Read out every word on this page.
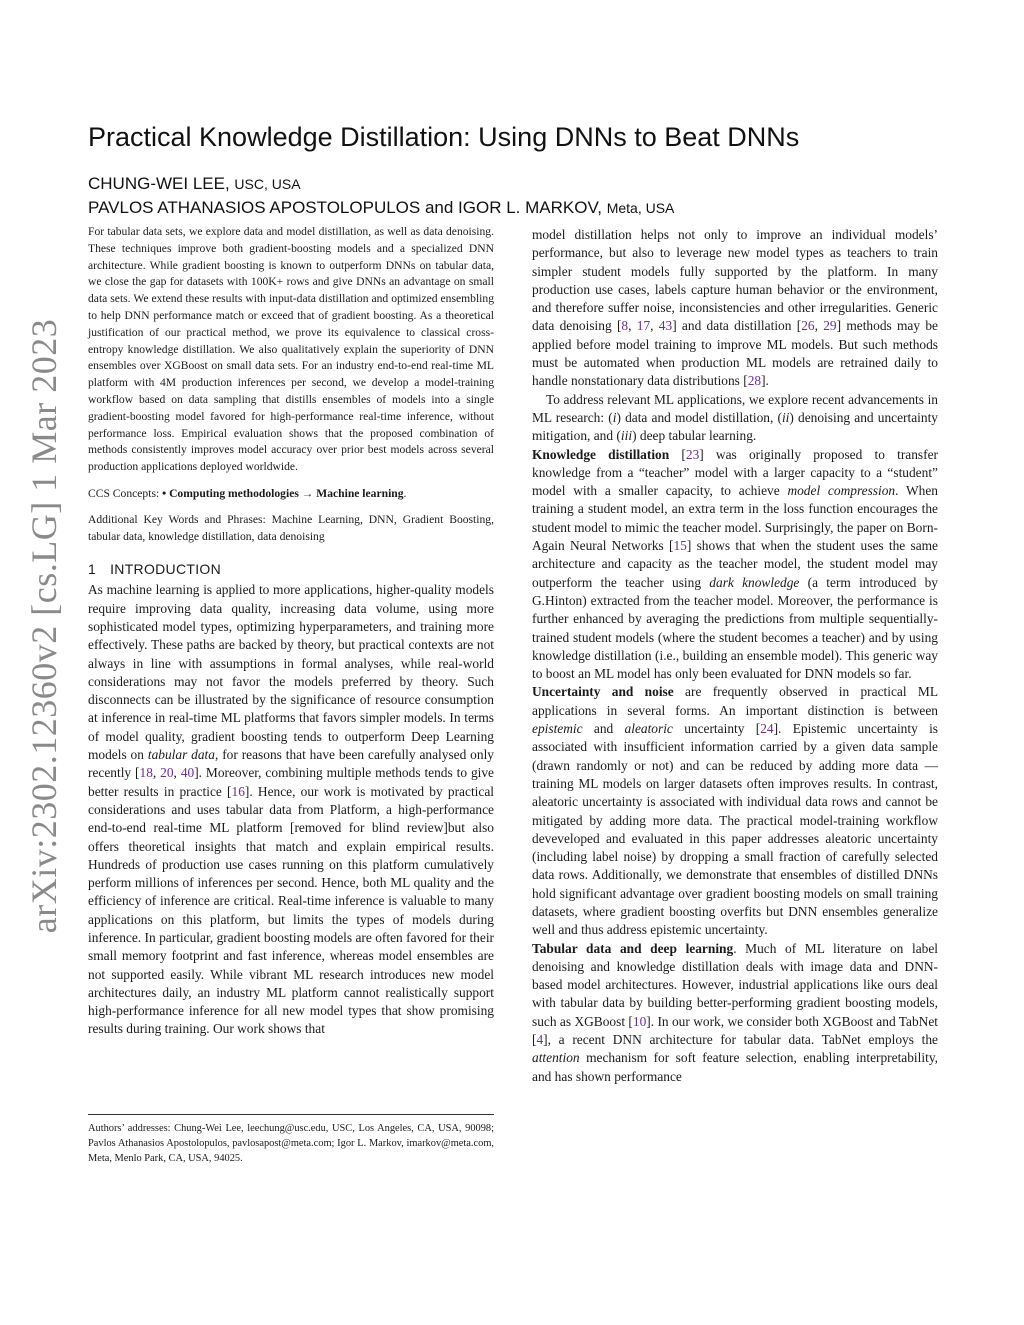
arXiv:2302.12360v2 [cs.LG] 1 Mar 2023
Practical Knowledge Distillation: Using DNNs to Beat DNNs
CHUNG-WEI LEE, USC, USA
PAVLOS ATHANASIOS APOSTOLOPULOS and IGOR L. MARKOV, Meta, USA

For tabular data sets, we explore data and model distillation, as well as data denoising. These techniques improve both gradient-boosting models and a specialized DNN architecture. While gradient boosting is known to outperform DNNs on tabular data, we close the gap for datasets with 100K+ rows and give DNNs an advantage on small data sets. We extend these results with input-data distillation and optimized ensembling to help DNN performance match or exceed that of gradient boosting. As a theoretical justification of our practical method, we prove its equivalence to classical cross-entropy knowledge distillation. We also qualitatively explain the superiority of DNN ensembles over XGBoost on small data sets. For an industry end-to-end real-time ML platform with 4M production inferences per second, we develop a model-training workflow based on data sampling that distills ensembles of models into a single gradient-boosting model favored for high-performance real-time inference, without performance loss. Empirical evaluation shows that the proposed combination of methods consistently improves model accuracy over prior best models across several production applications deployed worldwide.

CCS Concepts: • Computing methodologies → Machine learning.

Additional Key Words and Phrases: Machine Learning, DNN, Gradient Boosting, tabular data, knowledge distillation, data denoising

1 INTRODUCTION

As machine learning is applied to more applications, higher-quality models require improving data quality, increasing data volume, using more sophisticated model types, optimizing hyperparameters, and training more effectively. These paths are backed by theory, but practical contexts are not always in line with assumptions in formal analyses, while real-world considerations may not favor the models preferred by theory. Such disconnects can be illustrated by the significance of resource consumption at inference in real-time ML platforms that favors simpler models. In terms of model quality, gradient boosting tends to outperform Deep Learning models on tabular data, for reasons that have been carefully analysed only recently [18, 20, 40]. Moreover, combining multiple methods tends to give better results in practice [16]. Hence, our work is motivated by practical considerations and uses tabular data from Platform, a high-performance end-to-end real-time ML platform [removed for blind review]but also offers theoretical insights that match and explain empirical results. Hundreds of production use cases running on this platform cumulatively perform millions of inferences per second. Hence, both ML quality and the efficiency of inference are critical. Real-time inference is valuable to many applications on this platform, but limits the types of models during inference. In particular, gradient boosting models are often favored for their small memory footprint and fast inference, whereas model ensembles are not supported easily. While vibrant ML research introduces new model architectures daily, an industry ML platform cannot realistically support high-performance inference for all new model types that show promising results during training. Our work shows that

Authors’ addresses: Chung-Wei Lee, leechung@usc.edu, USC, Los Angeles, CA, USA, 90098; Pavlos Athanasios Apostolopulos, pavlosapost@meta.com; Igor L. Markov, imarkov@meta.com, Meta, Menlo Park, CA, USA, 94025.

model distillation helps not only to improve an individual models’ performance, but also to leverage new model types as teachers to train simpler student models fully supported by the platform. In many production use cases, labels capture human behavior or the environment, and therefore suffer noise, inconsistencies and other irregularities. Generic data denoising [8, 17, 43] and data distillation [26, 29] methods may be applied before model training to improve ML models. But such methods must be automated when production ML models are retrained daily to handle nonstationary data distributions [28].

To address relevant ML applications, we explore recent advancements in ML research: (i) data and model distillation, (ii) denoising and uncertainty mitigation, and (iii) deep tabular learning.

Knowledge distillation [23] was originally proposed to transfer knowledge from a “teacher” model with a larger capacity to a “student” model with a smaller capacity, to achieve model compression. When training a student model, an extra term in the loss function encourages the student model to mimic the teacher model. Surprisingly, the paper on Born-Again Neural Networks [15] shows that when the student uses the same architecture and capacity as the teacher model, the student model may outperform the teacher using dark knowledge (a term introduced by G.Hinton) extracted from the teacher model. Moreover, the performance is further enhanced by averaging the predictions from multiple sequentially-trained student models (where the student becomes a teacher) and by using knowledge distillation (i.e., building an ensemble model). This generic way to boost an ML model has only been evaluated for DNN models so far.

Uncertainty and noise are frequently observed in practical ML applications in several forms. An important distinction is between epistemic and aleatoric uncertainty [24]. Epistemic uncertainty is associated with insufficient information carried by a given data sample (drawn randomly or not) and can be reduced by adding more data — training ML models on larger datasets often improves results. In contrast, aleatoric uncertainty is associated with individual data rows and cannot be mitigated by adding more data. The practical model-training workflow deveveloped and evaluated in this paper addresses aleatoric uncertainty (including label noise) by dropping a small fraction of carefully selected data rows. Additionally, we demonstrate that ensembles of distilled DNNs hold significant advantage over gradient boosting models on small training datasets, where gradient boosting overfits but DNN ensembles generalize well and thus address epistemic uncertainty.

Tabular data and deep learning. Much of ML literature on label denoising and knowledge distillation deals with image data and DNN-based model architectures. However, industrial applications like ours deal with tabular data by building better-performing gradient boosting models, such as XGBoost [10]. In our work, we consider both XGBoost and TabNet [4], a recent DNN architecture for tabular data. TabNet employs the attention mechanism for soft feature selection, enabling interpretability, and has shown performance
